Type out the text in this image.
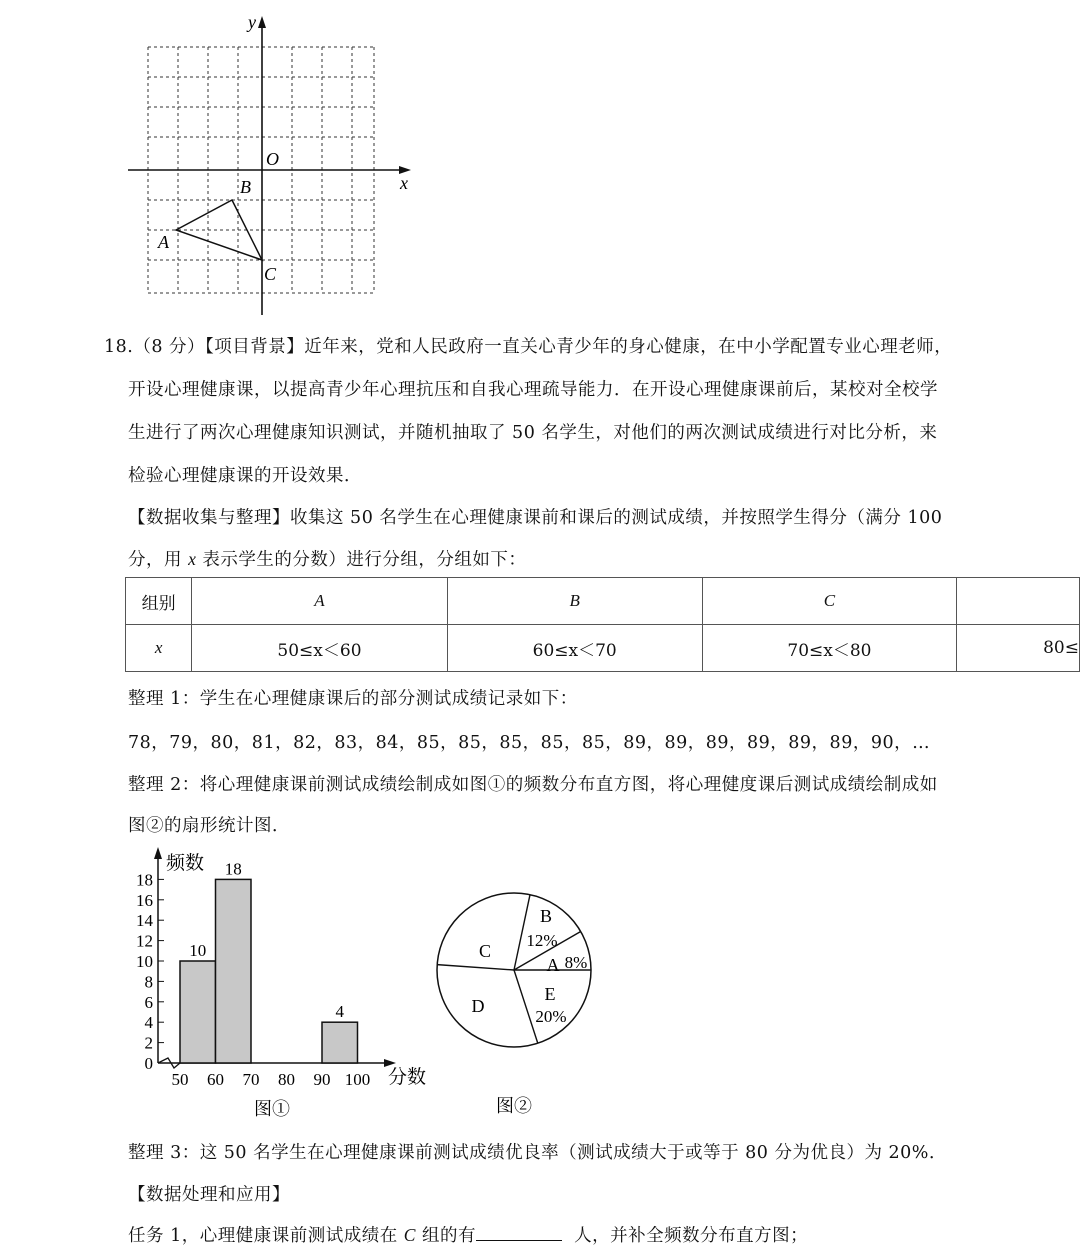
y
x
O
A
B
C
18.（8 分）【项目背景】近年来，党和人民政府一直关心青少年的身心健康，在中小学配置专业心理老师，
开设心理健康课，以提高青少年心理抗压和自我心理疏导能力．在开设心理健康课前后，某校对全校学
生进行了两次心理健康知识测试，并随机抽取了 50 名学生，对他们的两次测试成绩进行对比分析，来
检验心理健康课的开设效果．
【数据收集与整理】收集这 50 名学生在心理健康课前和课后的测试成绩，并按照学生得分（满分 100
分，用 x 表示学生的分数）进行分组，分组如下：
组别	A	B	C	
x	50≤x＜60	60≤x＜70	70≤x＜80	80≤
整理 1：学生在心理健康课后的部分测试成绩记录如下：
78，79，80，81，82，83，84，85，85，85，85，85，89，89，89，89，89，89，90，…
整理 2：将心理健康课前测试成绩绘制成如图①的频数分布直方图，将心理健度课后测试成绩绘制成如
图②的扇形统计图．
0
2
4
6
8
10
12
14
16
18
50 60 70 80 90 100
10
18
4
频数
分数
图①
B
12%
A 8%
E
20%
D
C
图②
整理 3：这 50 名学生在心理健康课前测试成绩优良率（测试成绩大于或等于 80 分为优良）为 20%．
【数据处理和应用】
任务 1，心理健康课前测试成绩在 C 组的有	人，并补全频数分布直方图；
